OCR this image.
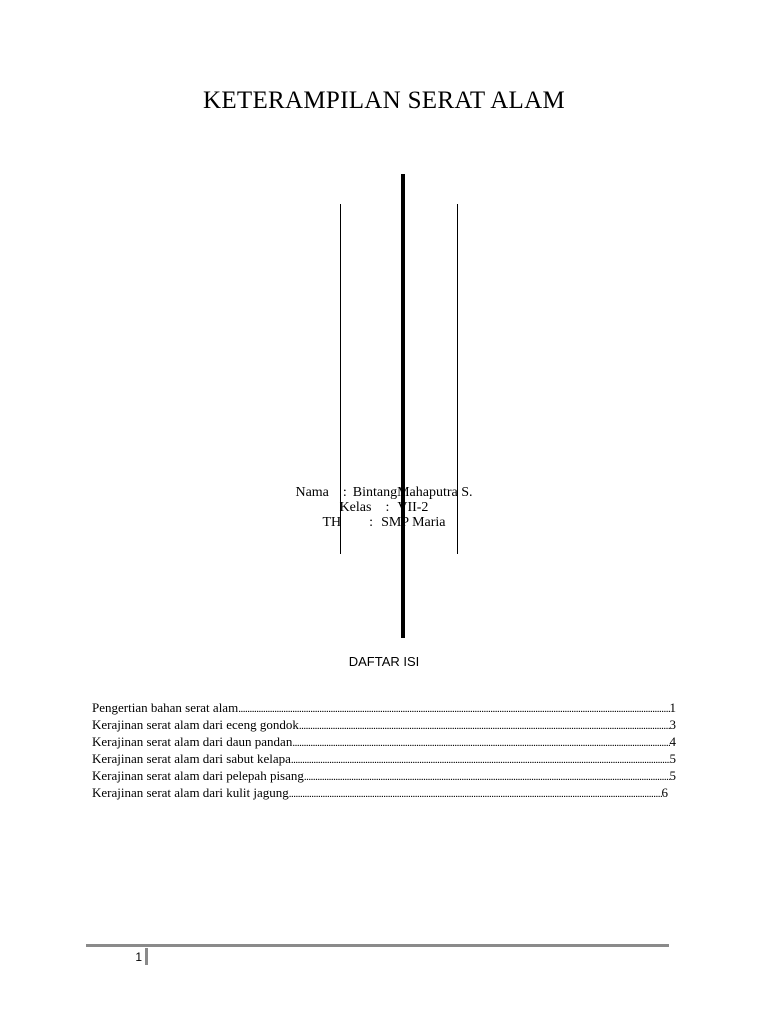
KETERAMPILAN SERAT ALAM
Nama : BintangMahaputra S.
Kelas : VII-2
TH : SMP Maria
DAFTAR ISI
Pengertian bahan serat alam .....	1
Kerajinan serat alam dari eceng gondok .....	3
Kerajinan serat alam dari daun pandan .....	4
Kerajinan serat alam dari sabut kelapa .....	5
Kerajinan serat alam dari pelepah pisang .....	5
Kerajinan serat alam dari kulit jagung .....	6
1
